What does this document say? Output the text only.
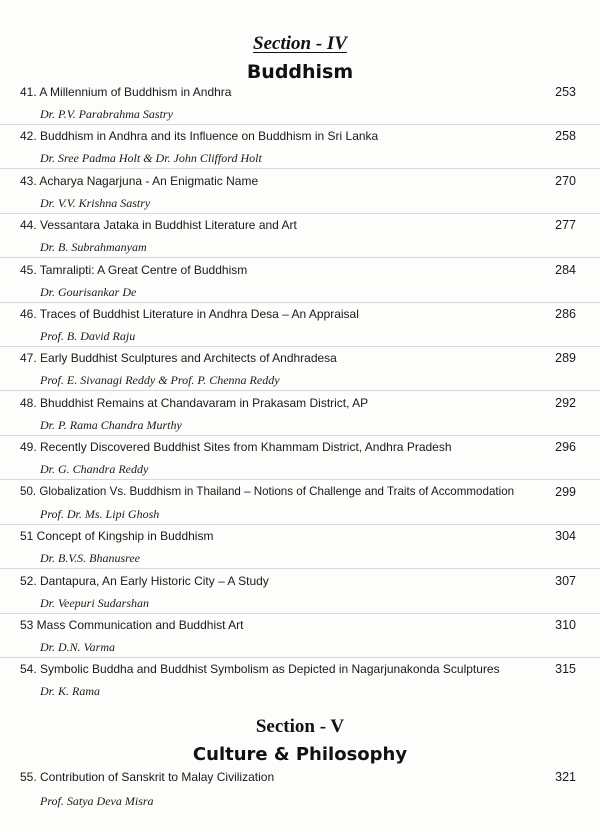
Section - IV
Buddhism
41. A Millennium of Buddhism in Andhra	253
Dr. P.V. Parabrahma Sastry
42. Buddhism in Andhra and its Influence on Buddhism in Sri Lanka	258
Dr. Sree Padma Holt & Dr. John Clifford Holt
43. Acharya Nagarjuna - An Enigmatic Name	270
Dr. V.V. Krishna Sastry
44. Vessantara Jataka in Buddhist Literature and Art	277
Dr. B. Subrahmanyam
45. Tamralipti: A Great Centre of Buddhism	284
Dr. Gourisankar De
46. Traces of Buddhist Literature in Andhra Desa – An Appraisal	286
Prof. B. David Raju
47. Early Buddhist Sculptures and Architects of Andhradesa	289
Prof. E. Sivanagi Reddy & Prof. P. Chenna Reddy
48. Bhuddhist Remains at Chandavaram in Prakasam District, AP	292
Dr. P. Rama Chandra Murthy
49. Recently Discovered Buddhist Sites from Khammam District, Andhra Pradesh	296
Dr. G. Chandra Reddy
50. Globalization Vs. Buddhism in Thailand – Notions of Challenge and Traits of Accommodation	299
Prof. Dr. Ms. Lipi Ghosh
51 Concept of Kingship in Buddhism	304
Dr. B.V.S. Bhanusree
52. Dantapura, An Early Historic City – A Study	307
Dr. Veepuri Sudarshan
53 Mass Communication and Buddhist Art	310
Dr. D.N. Varma
54. Symbolic Buddha and Buddhist Symbolism as Depicted in Nagarjunakonda Sculptures	315
Dr. K. Rama
Section - V
Culture & Philosophy
55. Contribution of Sanskrit to Malay Civilization	321
Prof. Satya Deva Misra
